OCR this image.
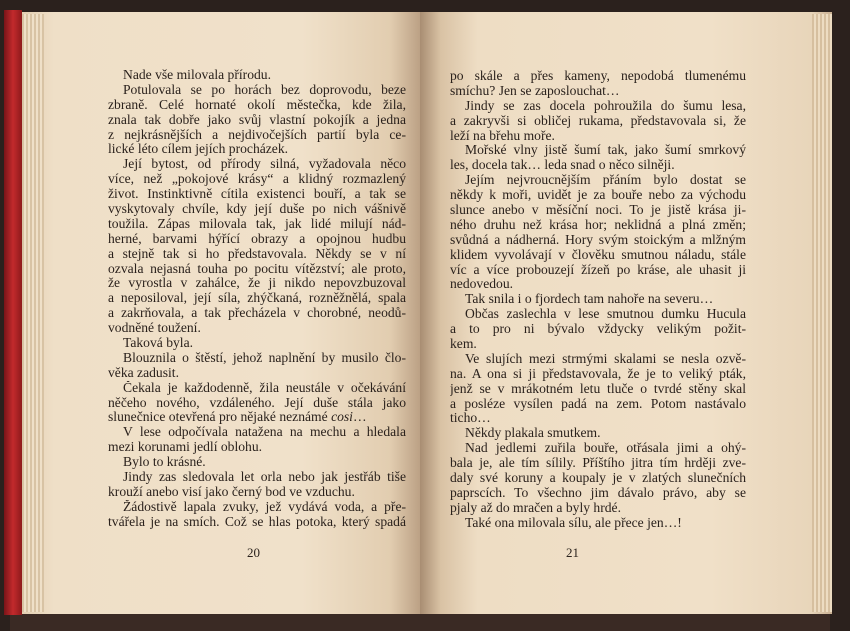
Nade vše milovala přírodu.
Potulovala se po horách bez doprovodu, beze
zbraně. Celé hornaté okolí městečka, kde žila,
znala tak dobře jako svůj vlastní pokojík a jedna
z nejkrásnějších a nejdivočejších partií byla ce-
lické léto cílem jejích procházek.
Její bytost, od přírody silná, vyžadovala něco
více, než „pokojové krásy“ a klidný rozmazlený
život. Instinktivně cítila existenci bouří, a tak se
vyskytovaly chvíle, kdy její duše po nich vášnivě
toužila. Zápas milovala tak, jak lidé milují nád-
herné, barvami hýřící obrazy a opojnou hudbu
a stejně tak si ho představovala. Někdy se v ní
ozvala nejasná touha po pocitu vítězství; ale proto,
že vyrostla v zahálce, že ji nikdo nepovzbuzoval
a neposiloval, její síla, zhýčkaná, rozněžnělá, spala
a zakrňovala, a tak přecházela v chorobné, neodů-
vodněné toužení.
Taková byla.
Blouznila o štěstí, jehož naplnění by musilo člo-
věka zadusit.
Čekala je každodenně, žila neustále v očekávání
něčeho nového, vzdáleného. Její duše stála jako
slunečnice otevřená pro nějaké neznámé cosi…
V lese odpočívala natažena na mechu a hledala
mezi korunami jedlí oblohu.
Bylo to krásné.
Jindy zas sledovala let orla nebo jak jestřáb tiše
krouží anebo visí jako černý bod ve vzduchu.
Žádostivě lapala zvuky, jež vydává voda, a pře-
tvářela je na smích. Což se hlas potoka, který spadá
po skále a přes kameny, nepodobá tlumenému
smíchu? Jen se zaposlouchat…
Jindy se zas docela pohroužila do šumu lesa,
a zakryvši si obličej rukama, představovala si, že
leží na břehu moře.
Mořské vlny jistě šumí tak, jako šumí smrkový
les, docela tak… leda snad o něco silněji.
Jejím nejvroucnějším přáním bylo dostat se
někdy k moři, uvidět je za bouře nebo za východu
slunce anebo v měsíční noci. To je jistě krása ji-
ného druhu než krása hor; neklidná a plná změn;
svůdná a nádherná. Hory svým stoickým a mlžným
klidem vyvolávají v člověku smutnou náladu, stále
víc a více probouzejí žízeň po kráse, ale uhasit ji
nedovedou.
Tak snila i o fjordech tam nahoře na severu…
Občas zaslechla v lese smutnou dumku Hucula
a to pro ni bývalo vždycky velikým požit-
kem.
Ve slujích mezi strmými skalami se nesla ozvě-
na. A ona si ji představovala, že je to veliký pták,
jenž se v mrákotném letu tluče o tvrdé stěny skal
a posléze vysílen padá na zem. Potom nastávalo
ticho…
Někdy plakala smutkem.
Nad jedlemi zuřila bouře, otřásala jimi a ohý-
bala je, ale tím sílily. Příštího jitra tím hrději zve-
daly své koruny a koupaly je v zlatých slunečních
paprscích. To všechno jim dávalo právo, aby se
pjaly až do mračen a byly hrdé.
Také ona milovala sílu, ale přece jen…!
20	21
